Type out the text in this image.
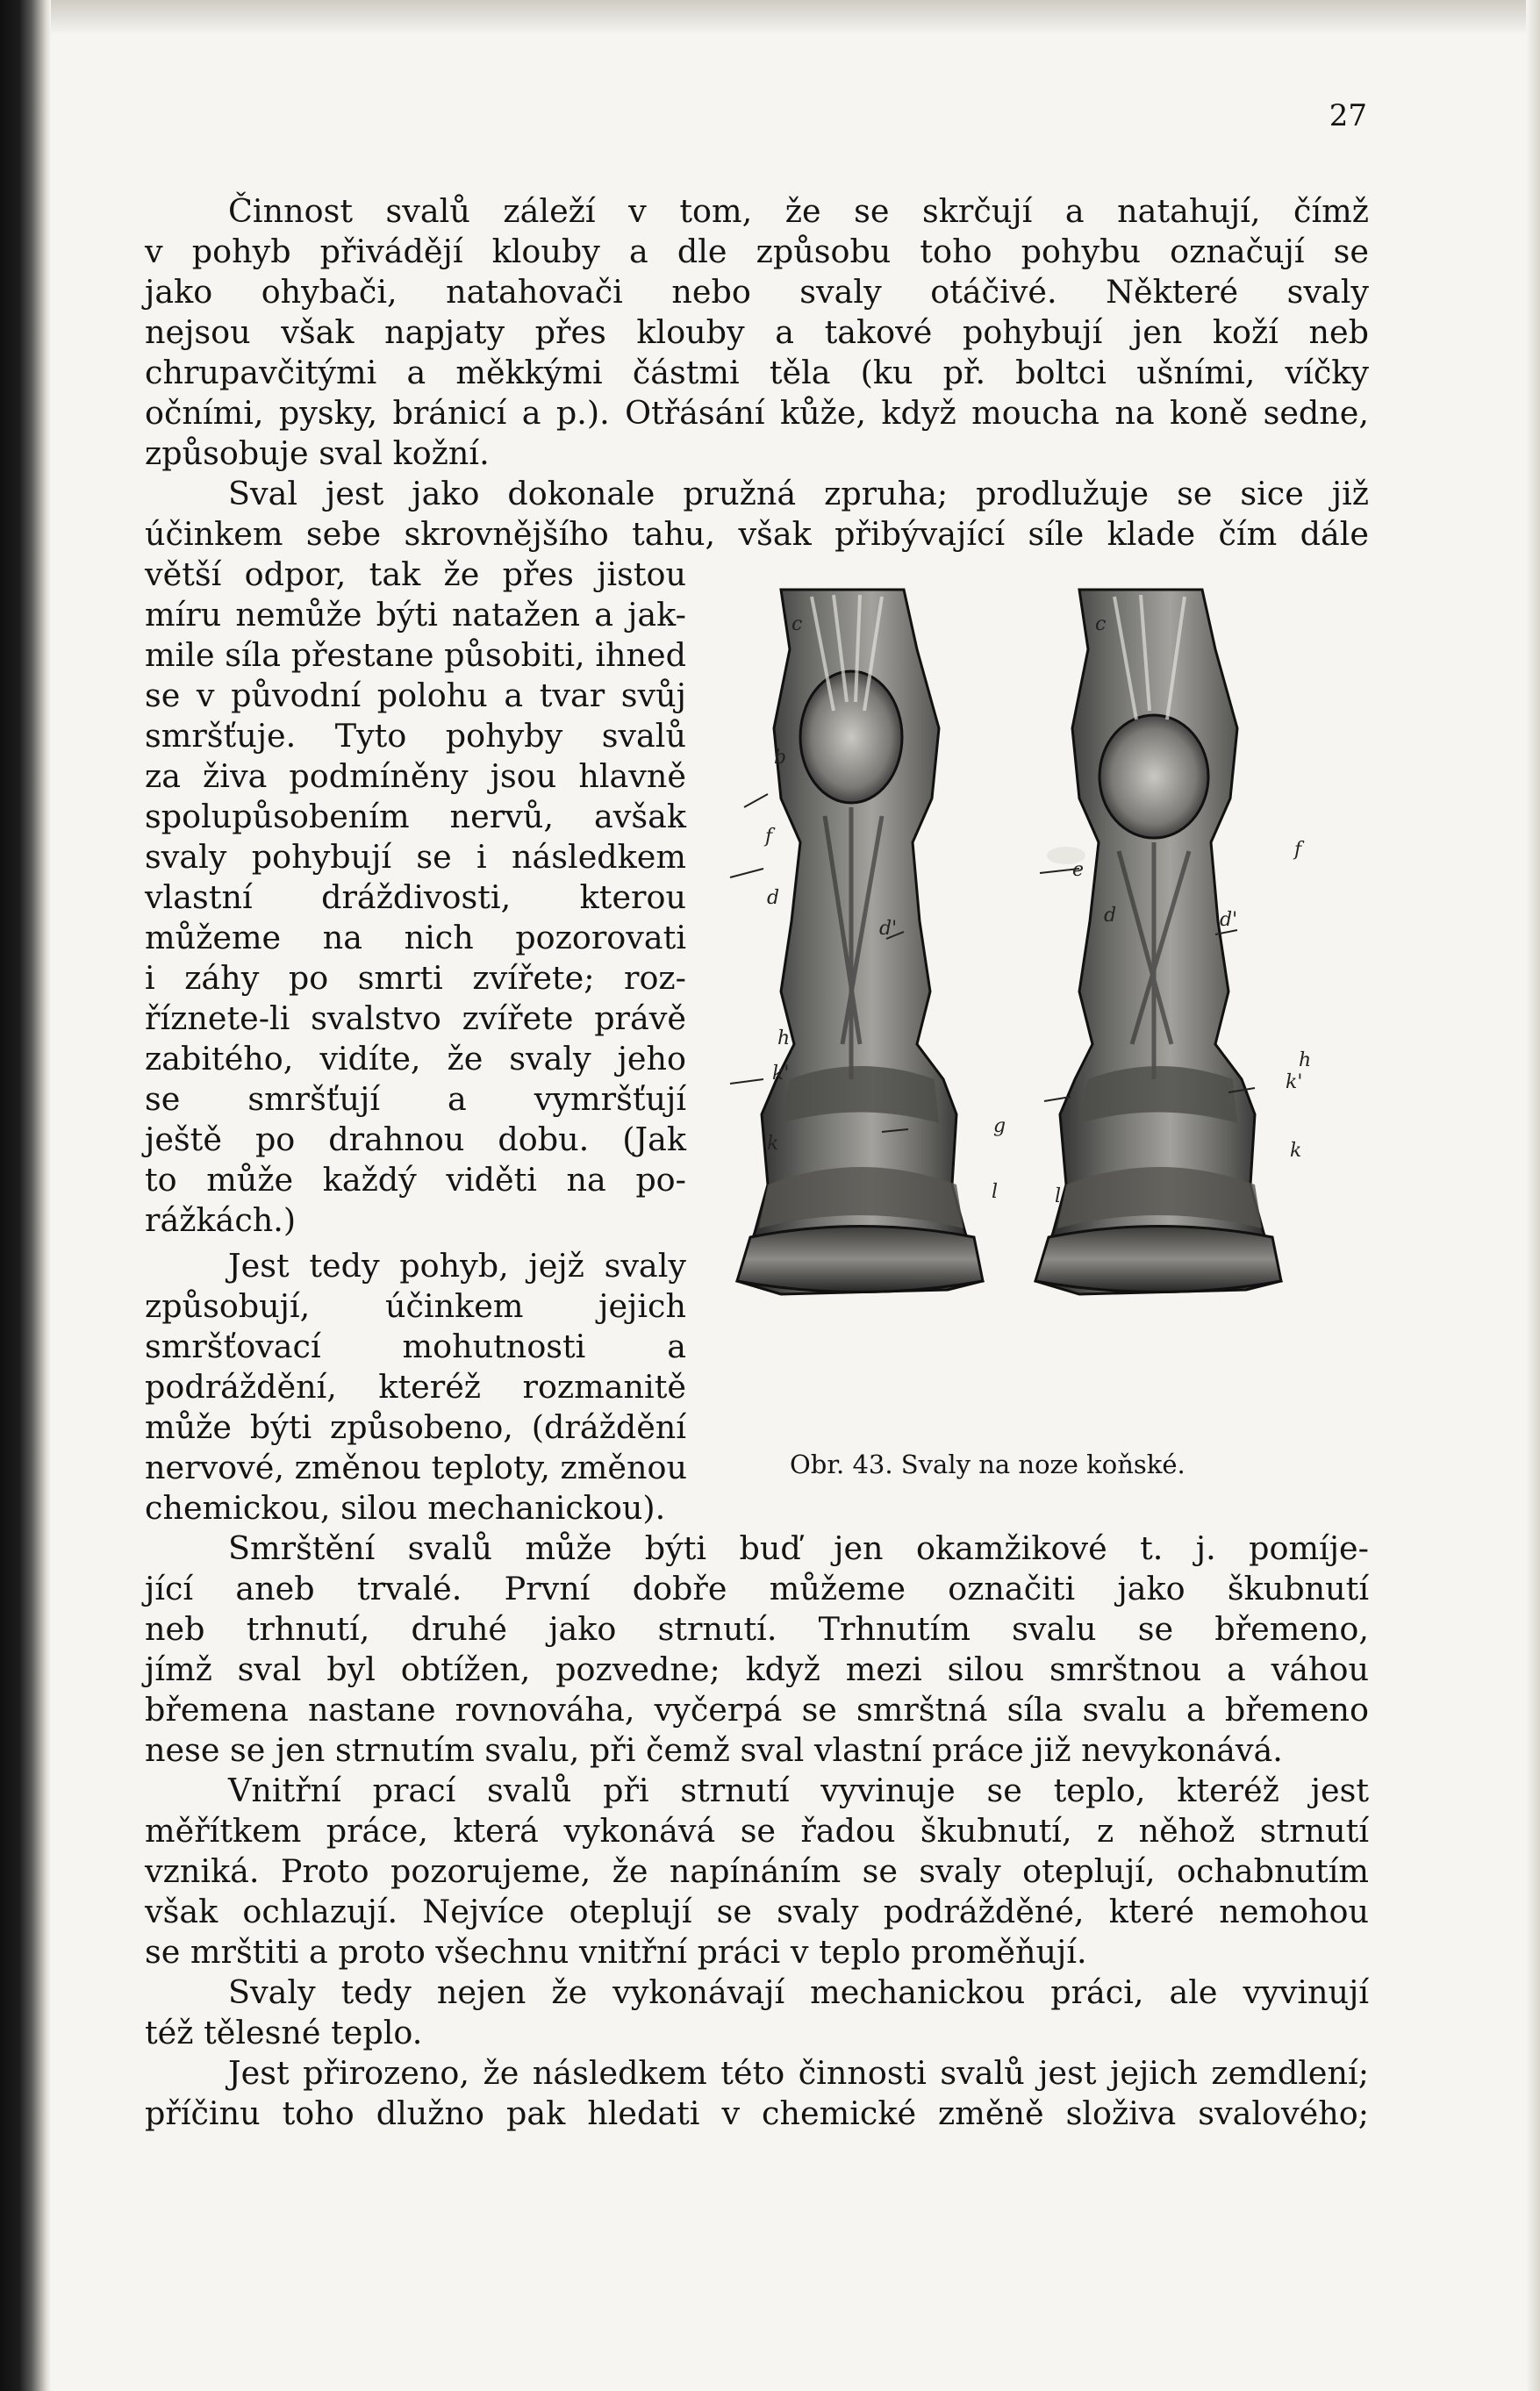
27
Činnost svalů záleží v tom, že se skrčují a natahují, čímž
v pohyb přivádějí klouby a dle způsobu toho pohybu označují se
jako ohybači, natahovači nebo svaly otáčivé. Některé svaly
nejsou však napjaty přes klouby a takové pohybují jen koží neb
chrupavčitými a měkkými částmi těla (ku př. boltci ušními, víčky
očními, pysky, bránicí a p.). Otřásání kůže, když moucha na koně sedne,
způsobuje sval kožní.
Sval jest jako dokonale pružná zpruha; prodlužuje se sice již
účinkem sebe skrovnějšího tahu, však přibývající síle klade čím dále
větší odpor, tak že přes jistou
míru nemůže býti natažen a jak-
mile síla přestane působiti, ihned
se v původní polohu a tvar svůj
smršťuje. Tyto pohyby svalů
za živa podmíněny jsou hlavně
spolupůsobením nervů, avšak
svaly pohybují se i následkem
vlastní dráždivosti, kterou
můžeme na nich pozorovati
i záhy po smrti zvířete; roz-
říznete-li svalstvo zvířete právě
zabitého, vidíte, že svaly jeho
se smršťují a vymršťují
ještě po drahnou dobu. (Jak
to může každý viděti na po-
rážkách.)
Jest tedy pohyb, jejž svaly
způsobují, účinkem jejich
smršťovací mohutnosti a
podráždění, kteréž rozmanitě
může býti způsobeno, (dráždění
nervové, změnou teploty, změnou
chemickou, silou mechanickou).
Smrštění svalů může býti buď jen okamžikové t. j. pomíje-
jící aneb trvalé. První dobře můžeme označiti jako škubnutí
neb trhnutí, druhé jako strnutí. Trhnutím svalu se břemeno,
jímž sval byl obtížen, pozvedne; když mezi silou smrštnou a váhou
břemena nastane rovnováha, vyčerpá se smrštná síla svalu a břemeno
nese se jen strnutím svalu, při čemž sval vlastní práce již nevykonává.
Vnitřní prací svalů při strnutí vyvinuje se teplo, kteréž jest
měřítkem práce, která vykonává se řadou škubnutí, z něhož strnutí
vzniká. Proto pozorujeme, že napínáním se svaly oteplují, ochabnutím
však ochlazují. Nejvíce oteplují se svaly podrážděné, které nemohou
se mrštiti a proto všechnu vnitřní práci v teplo proměňují.
Svaly tedy nejen že vykonávají mechanickou práci, ale vyvinují
též tělesné teplo.
Jest přirozeno, že následkem této činnosti svalů jest jejich zemdlení;
příčinu toho dlužno pak hledati v chemické změně složiva svalového;
c
b
f
d
d'
h
k'
k
g
l
c
f
e
d	d'
h
k'
k
l
Obr. 43. Svaly na noze koňské.
